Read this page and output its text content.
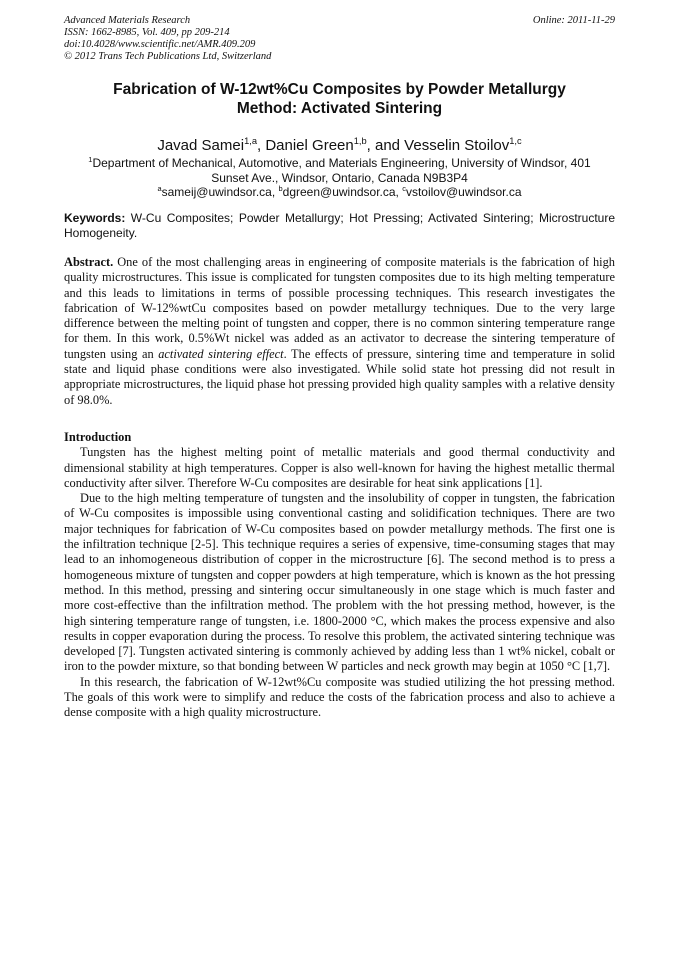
Advanced Materials Research
ISSN: 1662-8985, Vol. 409, pp 209-214
doi:10.4028/www.scientific.net/AMR.409.209
© 2012 Trans Tech Publications Ltd, Switzerland
Online: 2011-11-29
Fabrication of W-12wt%Cu Composites by Powder Metallurgy
Method: Activated Sintering
Javad Samei$^{1,a}$, Daniel Green$^{1,b}$, and Vesselin Stoilov$^{1,c}$
$^1$Department of Mechanical, Automotive, and Materials Engineering, University of Windsor, 401
Sunset Ave., Windsor, Ontario, Canada N9B3P4
$^a$sameij@uwindsor.ca, $^b$dgreen@uwindsor.ca, $^c$vstoilov@uwindsor.ca
Keywords: W-Cu Composites; Powder Metallurgy; Hot Pressing; Activated Sintering; Microstructure Homogeneity.
Abstract. One of the most challenging areas in engineering of composite materials is the fabrication of high quality microstructures. This issue is complicated for tungsten composites due to its high melting temperature and this leads to limitations in terms of possible processing techniques. This research investigates the fabrication of W-12%wtCu composites based on powder metallurgy techniques. Due to the very large difference between the melting point of tungsten and copper, there is no common sintering temperature range for them. In this work, 0.5%Wt nickel was added as an activator to decrease the sintering temperature of tungsten using an activated sintering effect. The effects of pressure, sintering time and temperature in solid state and liquid phase conditions were also investigated. While solid state hot pressing did not result in appropriate microstructures, the liquid phase hot pressing provided high quality samples with a relative density of 98.0%.
Introduction

Tungsten has the highest melting point of metallic materials and good thermal conductivity and dimensional stability at high temperatures. Copper is also well-known for having the highest metallic thermal conductivity after silver. Therefore W-Cu composites are desirable for heat sink applications [1].

Due to the high melting temperature of tungsten and the insolubility of copper in tungsten, the fabrication of W-Cu composites is impossible using conventional casting and solidification techniques. There are two major techniques for fabrication of W-Cu composites based on powder metallurgy methods. The first one is the infiltration technique [2-5]. This technique requires a series of expensive, time-consuming stages that may lead to an inhomogeneous distribution of copper in the microstructure [6]. The second method is to press a homogeneous mixture of tungsten and copper powders at high temperature, which is known as the hot pressing method. In this method, pressing and sintering occur simultaneously in one stage which is much faster and more cost-effective than the infiltration method. The problem with the hot pressing method, however, is the high sintering temperature range of tungsten, i.e. 1800-2000 °C, which makes the process expensive and also results in copper evaporation during the process. To resolve this problem, the activated sintering technique was developed [7]. Tungsten activated sintering is commonly achieved by adding less than 1 wt% nickel, cobalt or iron to the powder mixture, so that bonding between W particles and neck growth may begin at 1050 °C [1,7].

In this research, the fabrication of W-12wt%Cu composite was studied utilizing the hot pressing method. The goals of this work were to simplify and reduce the costs of the fabrication process and also to achieve a dense composite with a high quality microstructure.
